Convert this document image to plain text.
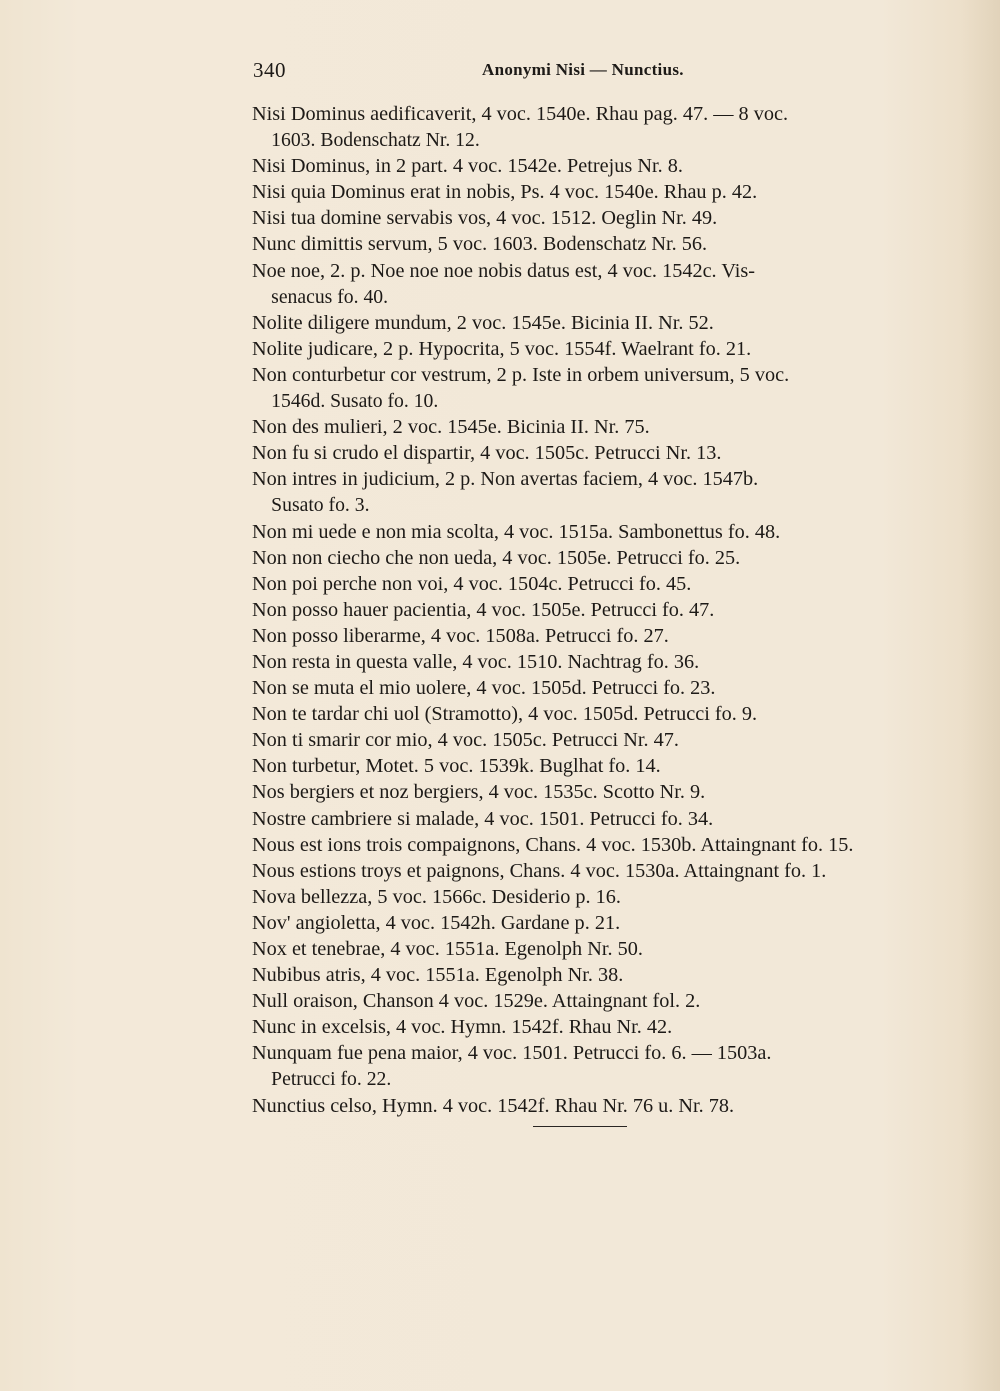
340	Anonymi Nisi — Nunctius.
Nisi Dominus aedificaverit, 4 voc. 1540e. Rhau pag. 47. — 8 voc.
1603. Bodenschatz Nr. 12.
Nisi Dominus, in 2 part. 4 voc. 1542e. Petrejus Nr. 8.
Nisi quia Dominus erat in nobis, Ps. 4 voc. 1540e. Rhau p. 42.
Nisi tua domine servabis vos, 4 voc. 1512. Oeglin Nr. 49.
Nunc dimittis servum, 5 voc. 1603. Bodenschatz Nr. 56.
Noe noe, 2. p. Noe noe noe nobis datus est, 4 voc. 1542c. Vis-
senacus fo. 40.
Nolite diligere mundum, 2 voc. 1545e. Bicinia II. Nr. 52.
Nolite judicare, 2 p. Hypocrita, 5 voc. 1554f. Waelrant fo. 21.
Non conturbetur cor vestrum, 2 p. Iste in orbem universum, 5 voc.
1546d. Susato fo. 10.
Non des mulieri, 2 voc. 1545e. Bicinia II. Nr. 75.
Non fu si crudo el dispartir, 4 voc. 1505c. Petrucci Nr. 13.
Non intres in judicium, 2 p. Non avertas faciem, 4 voc. 1547b.
Susato fo. 3.
Non mi uede e non mia scolta, 4 voc. 1515a. Sambonettus fo. 48.
Non non ciecho che non ueda, 4 voc. 1505e. Petrucci fo. 25.
Non poi perche non voi, 4 voc. 1504c. Petrucci fo. 45.
Non posso hauer pacientia, 4 voc. 1505e. Petrucci fo. 47.
Non posso liberarme, 4 voc. 1508a. Petrucci fo. 27.
Non resta in questa valle, 4 voc. 1510. Nachtrag fo. 36.
Non se muta el mio uolere, 4 voc. 1505d. Petrucci fo. 23.
Non te tardar chi uol (Stramotto), 4 voc. 1505d. Petrucci fo. 9.
Non ti smarir cor mio, 4 voc. 1505c. Petrucci Nr. 47.
Non turbetur, Motet. 5 voc. 1539k. Buglhat fo. 14.
Nos bergiers et noz bergiers, 4 voc. 1535c. Scotto Nr. 9.
Nostre cambriere si malade, 4 voc. 1501. Petrucci fo. 34.
Nous est ions trois compaignons, Chans. 4 voc. 1530b. Attaingnant fo. 15.
Nous estions troys et paignons, Chans. 4 voc. 1530a. Attaingnant fo. 1.
Nova bellezza, 5 voc. 1566c. Desiderio p. 16.
Nov' angioletta, 4 voc. 1542h. Gardane p. 21.
Nox et tenebrae, 4 voc. 1551a. Egenolph Nr. 50.
Nubibus atris, 4 voc. 1551a. Egenolph Nr. 38.
Null oraison, Chanson 4 voc. 1529e. Attaingnant fol. 2.
Nunc in excelsis, 4 voc. Hymn. 1542f. Rhau Nr. 42.
Nunquam fue pena maior, 4 voc. 1501. Petrucci fo. 6. — 1503a.
Petrucci fo. 22.
Nunctius celso, Hymn. 4 voc. 1542f. Rhau Nr. 76 u. Nr. 78.
